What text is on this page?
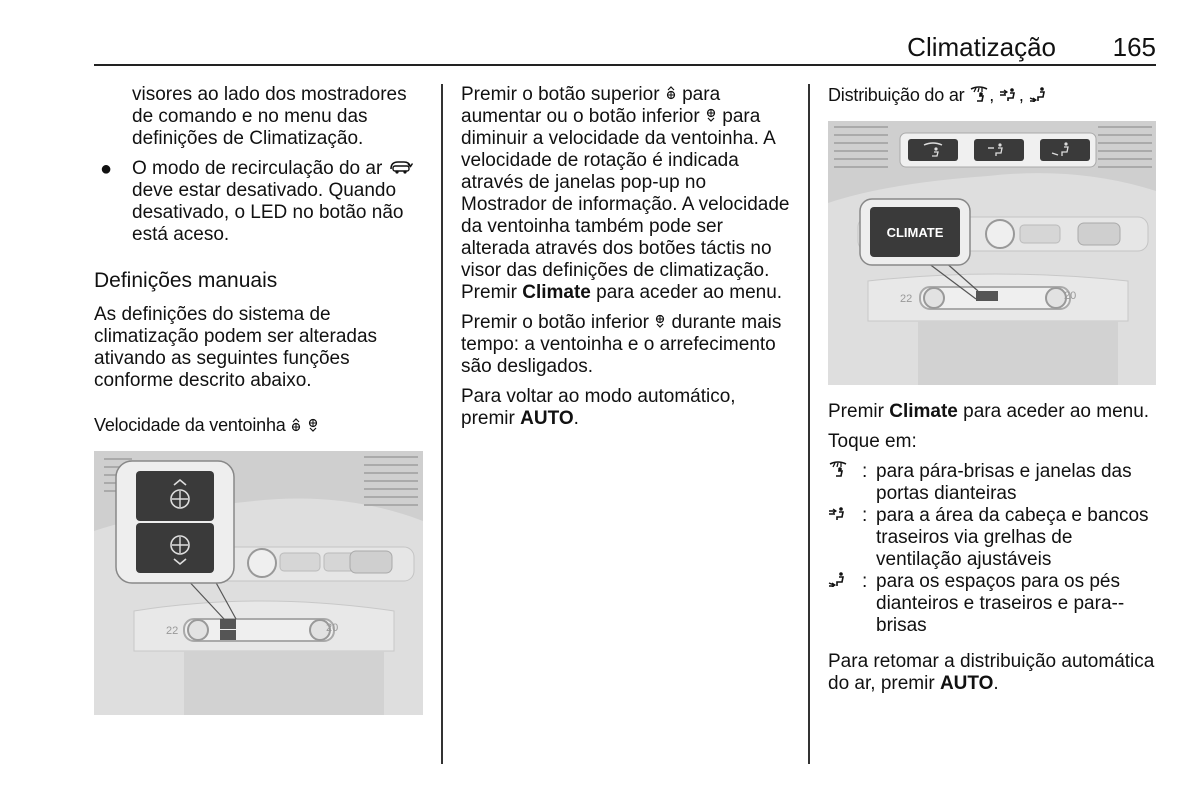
Climatização	165

visores ao lado dos mostradores de comando e no menu das definições de Climatização.

●	O modo de recirculação do ar  deve estar desativado. Quando desativado, o LED no botão não está aceso.
Definições manuais

As definições do sistema de climatização podem ser alteradas ativando as seguintes funções conforme descrito abaixo.

Velocidade da ventoinha
22	20

Premir o botão superior para aumentar ou o botão inferior para diminuir a velocidade da ventoinha. A velocidade de rotação é indicada através de janelas pop-up no Mostrador de informação. A velocidade da ventoinha também pode ser alterada através dos botões táctis no visor das definições de climatização. Premir Climate para aceder ao menu.

Premir o botão inferior durante mais tempo: a ventoinha e o arrefecimento são desligados.

Para voltar ao modo automático, premir AUTO.

Distribuição do ar , ,
22	20
CLIMATE

Premir Climate para aceder ao menu.

Toque em:

: para pára-brisas e janelas das portas dianteiras
: para a área da cabeça e bancos traseiros via grelhas de ventilação ajustáveis
: para os espaços para os pés dianteiros e traseiros e para--brisas

Para retomar a distribuição automática do ar, premir AUTO.
